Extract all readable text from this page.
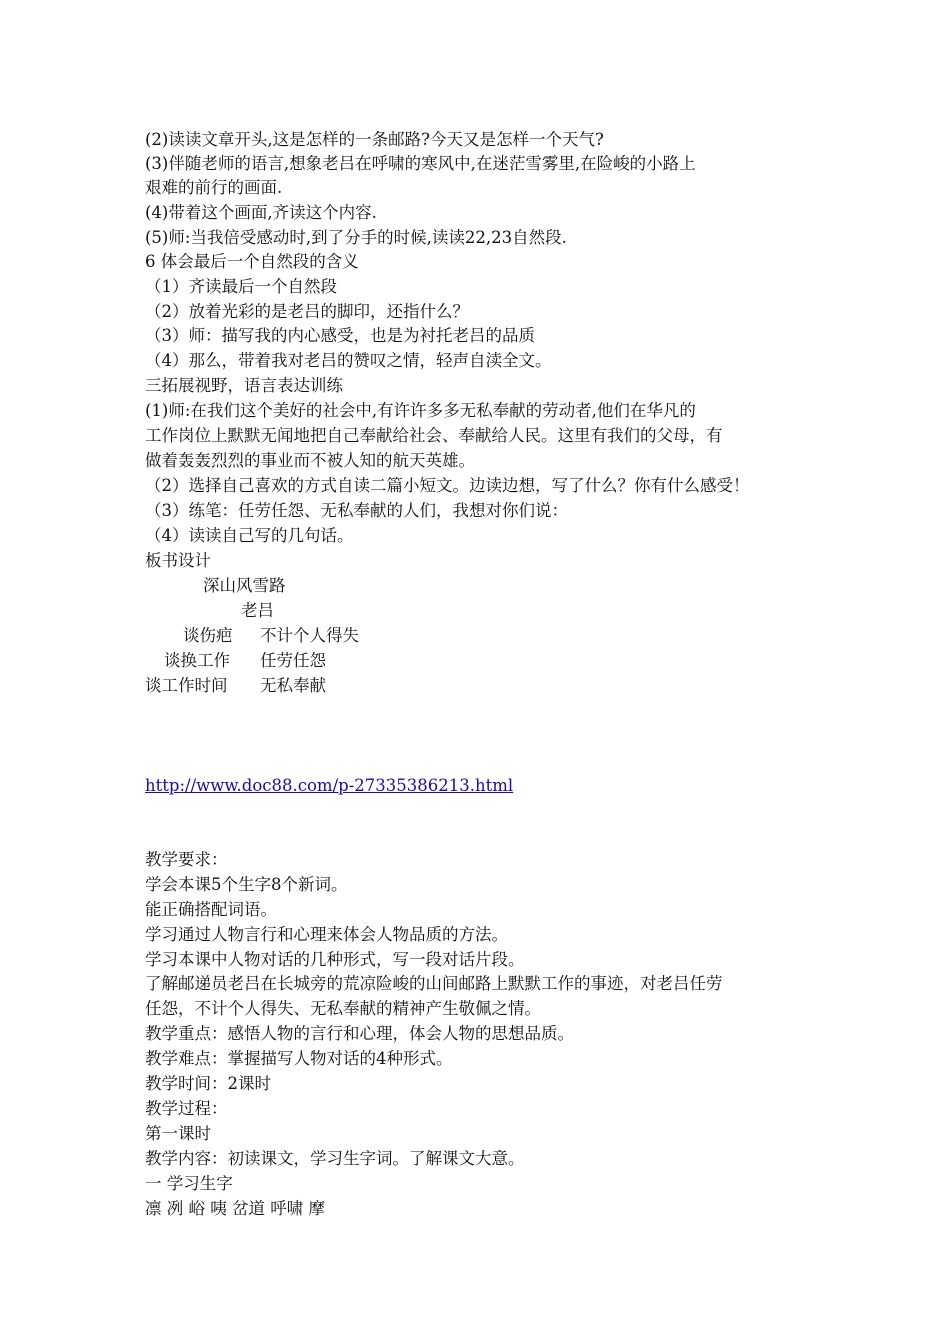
(2)读读文章开头,这是怎样的一条邮路?今天又是怎样一个天气?
(3)伴随老师的语言,想象老吕在呼啸的寒风中,在迷茫雪雾里,在险峻的小路上
艰难的前行的画面.
(4)带着这个画面,齐读这个内容.
(5)师:当我倍受感动时,到了分手的时候,读读22,23自然段.
6 体会最后一个自然段的含义
（1）齐读最后一个自然段
（2）放着光彩的是老吕的脚印，还指什么？
（3）师：描写我的内心感受，也是为衬托老吕的品质
（4）那么，带着我对老吕的赞叹之情，轻声自渎全文。
三拓展视野，语言表达训练
(1)师:在我们这个美好的社会中,有许许多多无私奉献的劳动者,他们在华凡的
工作岗位上默默无闻地把自己奉献给社会、奉献给人民。这里有我们的父母，有
做着轰轰烈烈的事业而不被人知的航天英雄。
（2）选择自己喜欢的方式自读二篇小短文。边读边想，写了什么？你有什么感受！
（3）练笔：任劳任怨、无私奉献的人们，我想对你们说：
（4）读读自己写的几句话。
板书设计
深山风雪路
老吕
谈伤疤 不计个人得失
谈换工作 任劳任怨
谈工作时间 无私奉献
http://www.doc88.com/p-27335386213.html
教学要求：
学会本课5个生字8个新词。
能正确搭配词语。
学习通过人物言行和心理来体会人物品质的方法。
学习本课中人物对话的几种形式，写一段对话片段。
了解邮递员老吕在长城旁的荒凉险峻的山间邮路上默默工作的事迹，对老吕任劳
任怨，不计个人得失、无私奉献的精神产生敬佩之情。
教学重点：感悟人物的言行和心理，体会人物的思想品质。
教学难点：掌握描写人物对话的4种形式。
教学时间：2课时
教学过程：
第一课时
教学内容：初读课文，学习生字词。了解课文大意。
一 学习生字
凛 冽 峪 咦 岔道 呼啸 摩
